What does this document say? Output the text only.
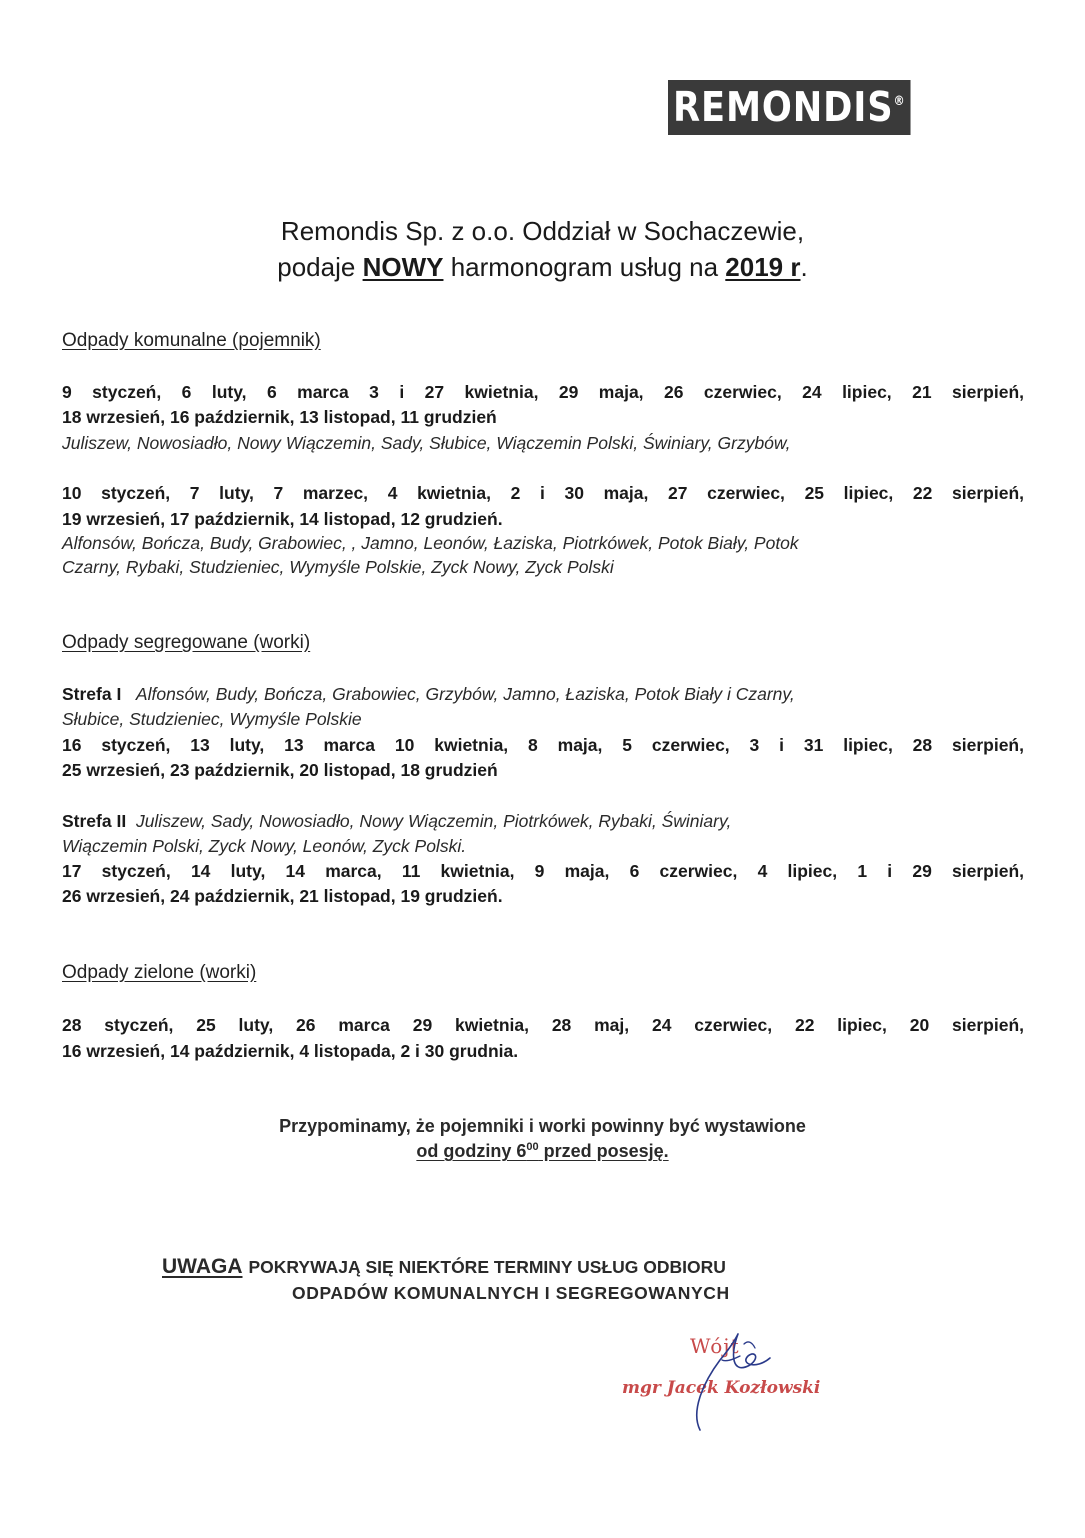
REMONDIS®
Remondis Sp. z o.o. Oddział w Sochaczewie,
podaje NOWY harmonogram usług na 2019 r.
Odpady komunalne (pojemnik)
9 styczeń, 6 luty, 6 marca 3 i 27 kwietnia, 29 maja, 26 czerwiec, 24 lipiec, 21 sierpień,
18 wrzesień, 16 październik, 13 listopad, 11 grudzień
Juliszew, Nowosiadło, Nowy Wiączemin, Sady, Słubice, Wiączemin Polski, Świniary, Grzybów,
10 styczeń, 7 luty, 7 marzec, 4 kwietnia, 2 i 30 maja, 27 czerwiec, 25 lipiec, 22 sierpień,
19 wrzesień, 17 październik, 14 listopad, 12 grudzień.
Alfonsów, Bończa, Budy, Grabowiec, , Jamno, Leonów, Łaziska, Piotrkówek, Potok Biały, Potok
Czarny, Rybaki, Studzieniec, Wymyśle Polskie, Zyck Nowy, Zyck Polski
Odpady segregowane (worki)
Strefa I Alfonsów, Budy, Bończa, Grabowiec, Grzybów, Jamno, Łaziska, Potok Biały i Czarny,
Słubice, Studzieniec, Wymyśle Polskie
16 styczeń, 13 luty, 13 marca 10 kwietnia, 8 maja, 5 czerwiec, 3 i 31 lipiec, 28 sierpień,
25 wrzesień, 23 październik, 20 listopad, 18 grudzień
Strefa II Juliszew, Sady, Nowosiadło, Nowy Wiączemin, Piotrkówek, Rybaki, Świniary,
Wiączemin Polski, Zyck Nowy, Leonów, Zyck Polski.
17 styczeń, 14 luty, 14 marca, 11 kwietnia, 9 maja, 6 czerwiec, 4 lipiec, 1 i 29 sierpień,
26 wrzesień, 24 październik, 21 listopad, 19 grudzień.
Odpady zielone (worki)
28 styczeń, 25 luty, 26 marca 29 kwietnia, 28 maj, 24 czerwiec, 22 lipiec, 20 sierpień,
16 wrzesień, 14 październik, 4 listopada, 2 i 30 grudnia.
Przypominamy, że pojemniki i worki powinny być wystawione
od godziny $6^{00}$ przed posesję.
UWAGA POKRYWAJĄ SIĘ NIEKTÓRE TERMINY USŁUG ODBIORU
ODPADÓW KOMUNALNYCH I SEGREGOWANYCH
Wójt
mgr Jacek Kozłowski
